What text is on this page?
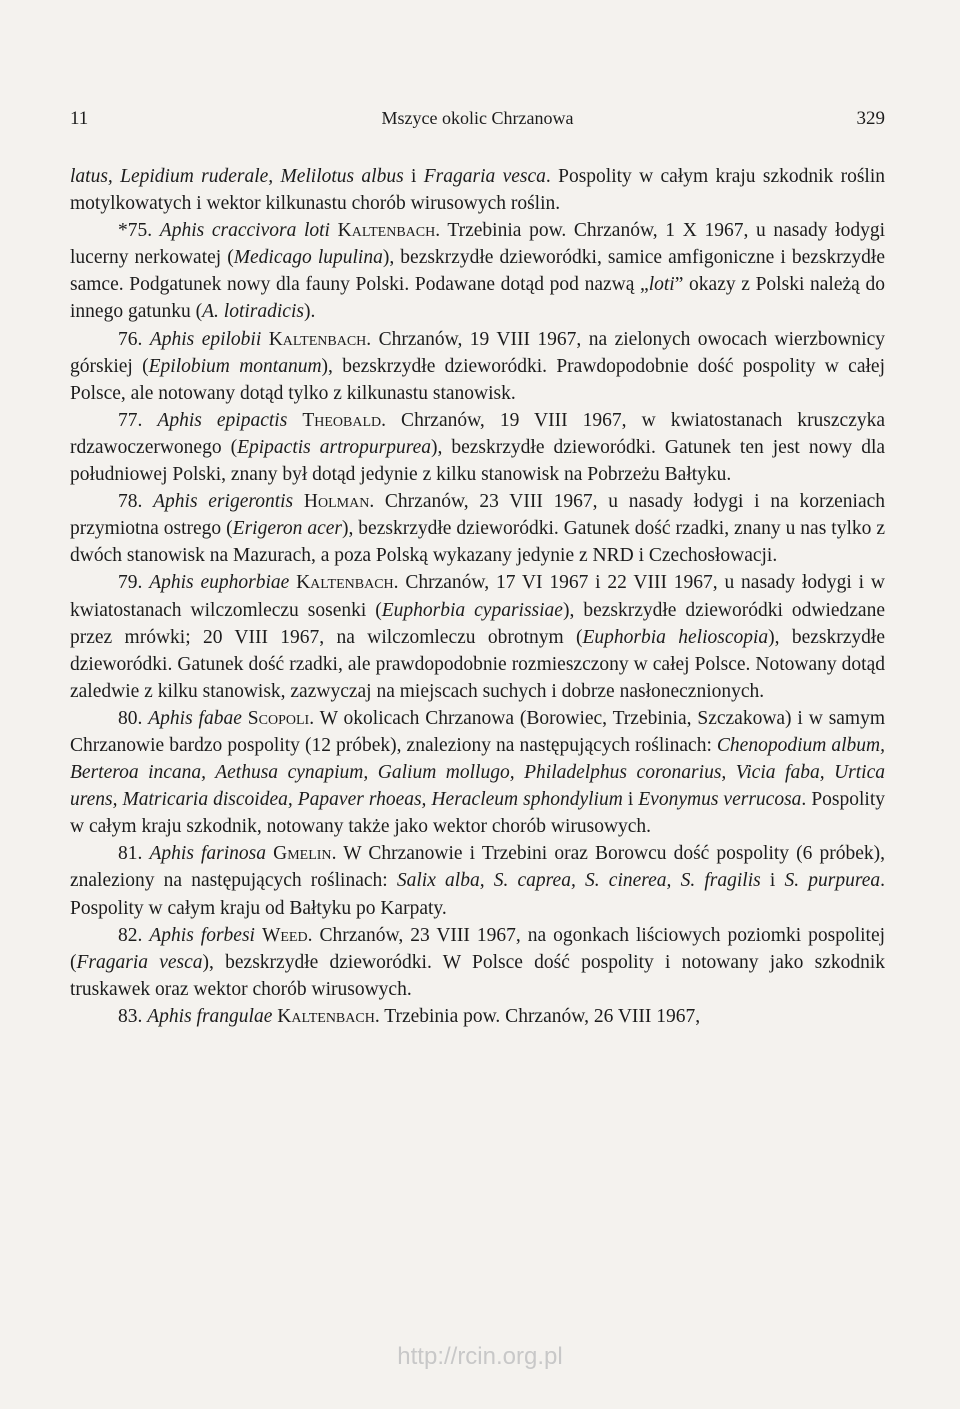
11	Mszyce okolic Chrzanowa	329

latus, Lepidium ruderale, Melilotus albus i Fragaria vesca. Pospolity w całym kraju szkodnik roślin motylkowatych i wektor kilkunastu chorób wirusowych roślin.

*75. Aphis craccivora loti Kaltenbach. Trzebinia pow. Chrzanów, 1 X 1967, u nasady łodygi lucerny nerkowatej (Medicago lupulina), bezskrzydłe dzieworódki, samice amfigoniczne i bezskrzydłe samce. Podgatunek nowy dla fauny Polski. Podawane dotąd pod nazwą „loti” okazy z Polski należą do innego gatunku (A. lotiradicis).

76. Aphis epilobii Kaltenbach. Chrzanów, 19 VIII 1967, na zielonych owocach wierzbownicy górskiej (Epilobium montanum), bezskrzydłe dzieworódki. Prawdopodobnie dość pospolity w całej Polsce, ale notowany dotąd tylko z kilkunastu stanowisk.

77. Aphis epipactis Theobald. Chrzanów, 19 VIII 1967, w kwiatostanach kruszczyka rdzawoczerwonego (Epipactis artropurpurea), bezskrzydłe dzieworódki. Gatunek ten jest nowy dla południowej Polski, znany był dotąd jedynie z kilku stanowisk na Pobrzeżu Bałtyku.

78. Aphis erigerontis Holman. Chrzanów, 23 VIII 1967, u nasady łodygi i na korzeniach przymiotna ostrego (Erigeron acer), bezskrzydłe dzieworódki. Gatunek dość rzadki, znany u nas tylko z dwóch stanowisk na Mazurach, a poza Polską wykazany jedynie z NRD i Czechosłowacji.

79. Aphis euphorbiae Kaltenbach. Chrzanów, 17 VI 1967 i 22 VIII 1967, u nasady łodygi i w kwiatostanach wilczomleczu sosenki (Euphorbia cyparissiae), bezskrzydłe dzieworódki odwiedzane przez mrówki; 20 VIII 1967, na wilczomleczu obrotnym (Euphorbia helioscopia), bezskrzydłe dzieworódki. Gatunek dość rzadki, ale prawdopodobnie rozmieszczony w całej Polsce. Notowany dotąd zaledwie z kilku stanowisk, zazwyczaj na miejscach suchych i dobrze nasłonecznionych.

80. Aphis fabae Scopoli. W okolicach Chrzanowa (Borowiec, Trzebinia, Szczakowa) i w samym Chrzanowie bardzo pospolity (12 próbek), znaleziony na następujących roślinach: Chenopodium album, Berteroa incana, Aethusa cynapium, Galium mollugo, Philadelphus coronarius, Vicia faba, Urtica urens, Matricaria discoidea, Papaver rhoeas, Heracleum sphondylium i Evonymus verrucosa. Pospolity w całym kraju szkodnik, notowany także jako wektor chorób wirusowych.

81. Aphis farinosa Gmelin. W Chrzanowie i Trzebini oraz Borowcu dość pospolity (6 próbek), znaleziony na następujących roślinach: Salix alba, S. caprea, S. cinerea, S. fragilis i S. purpurea. Pospolity w całym kraju od Bałtyku po Karpaty.

82. Aphis forbesi Weed. Chrzanów, 23 VIII 1967, na ogonkach liściowych poziomki pospolitej (Fragaria vesca), bezskrzydłe dzieworódki. W Polsce dość pospolity i notowany jako szkodnik truskawek oraz wektor chorób wirusowych.

83. Aphis frangulae Kaltenbach. Trzebinia pow. Chrzanów, 26 VIII 1967,

http://rcin.org.pl
